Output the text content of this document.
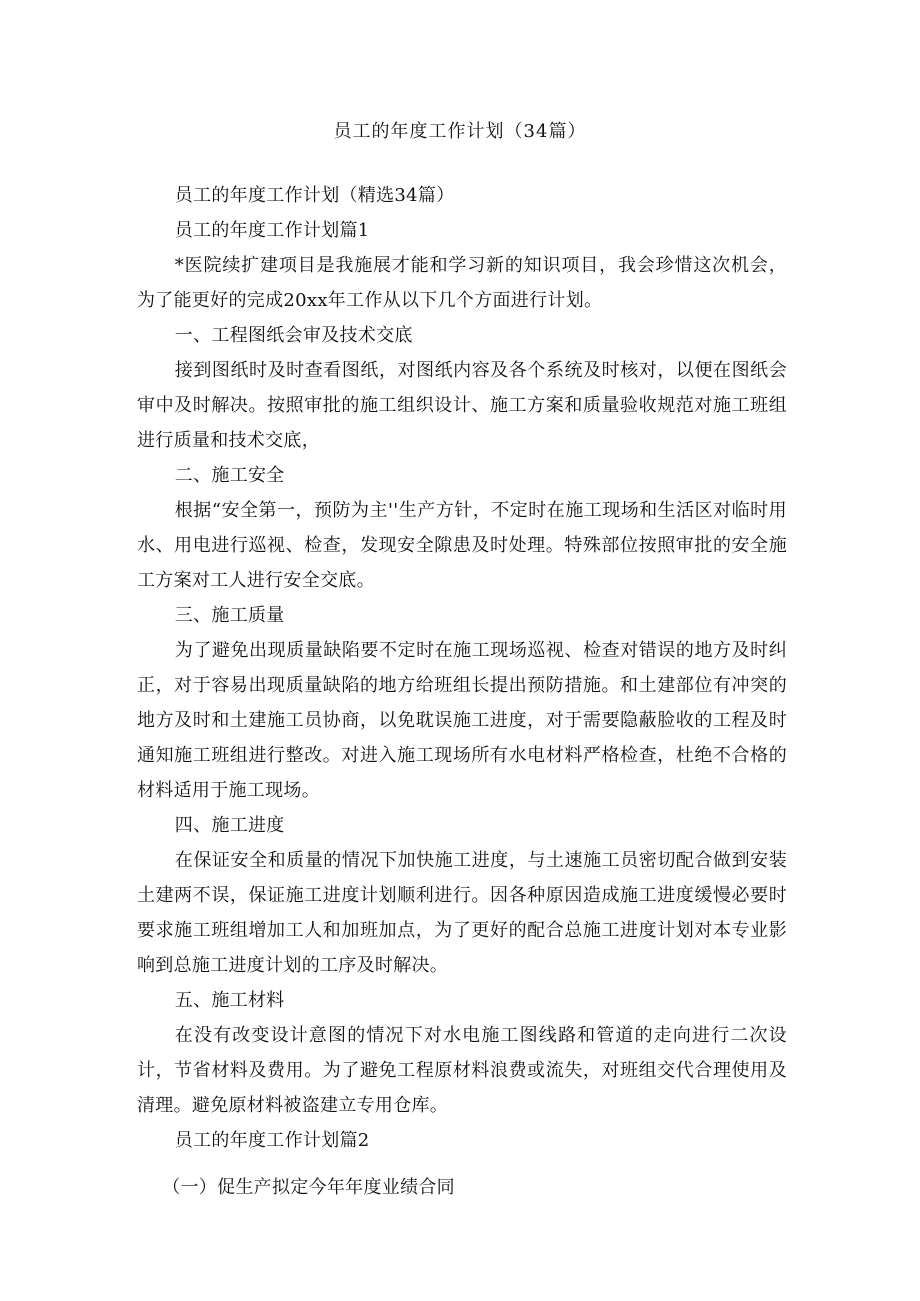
员工的年度工作计划（34篇）

员工的年度工作计划（精选34篇）

员工的年度工作计划篇1

*医院续扩建项目是我施展才能和学习新的知识项目，我会珍惜这次机会，为了能更好的完成20xx年工作从以下几个方面进行计划。

一、工程图纸会审及技术交底

接到图纸时及时查看图纸，对图纸内容及各个系统及时核对，以便在图纸会审中及时解决。按照审批的施工组织设计、施工方案和质量验收规范对施工班组进行质量和技术交底，

二、施工安全

根据“安全第一，预防为主''生产方针，不定时在施工现场和生活区对临时用水、用电进行巡视、检查，发现安全隙患及时处理。特殊部位按照审批的安全施工方案对工人进行安全交底。

三、施工质量

为了避免出现质量缺陷要不定时在施工现场巡视、检查对错误的地方及时纠正，对于容易出现质量缺陷的地方给班组长提出预防措施。和土建部位有冲突的地方及时和土建施工员协商，以免耽误施工进度，对于需要隐蔽脸收的工程及时通知施工班组进行整改。对进入施工现场所有水电材料严格检查，杜绝不合格的材料适用于施工现场。

四、施工进度

在保证安全和质量的情况下加快施工进度，与土速施工员密切配合做到安装土建两不误，保证施工进度计划顺利进行。因各种原因造成施工进度缓慢必要时要求施工班组增加工人和加班加点，为了更好的配合总施工进度计划对本专业影响到总施工进度计划的工序及时解决。

五、施工材料

在没有改变设计意图的情况下对水电施工图线路和管道的走向进行二次设计，节省材料及费用。为了避免工程原材料浪费或流失，对班组交代合理使用及清理。避免原材料被盗建立专用仓库。

员工的年度工作计划篇2

（一）促生产拟定今年年度业绩合同
